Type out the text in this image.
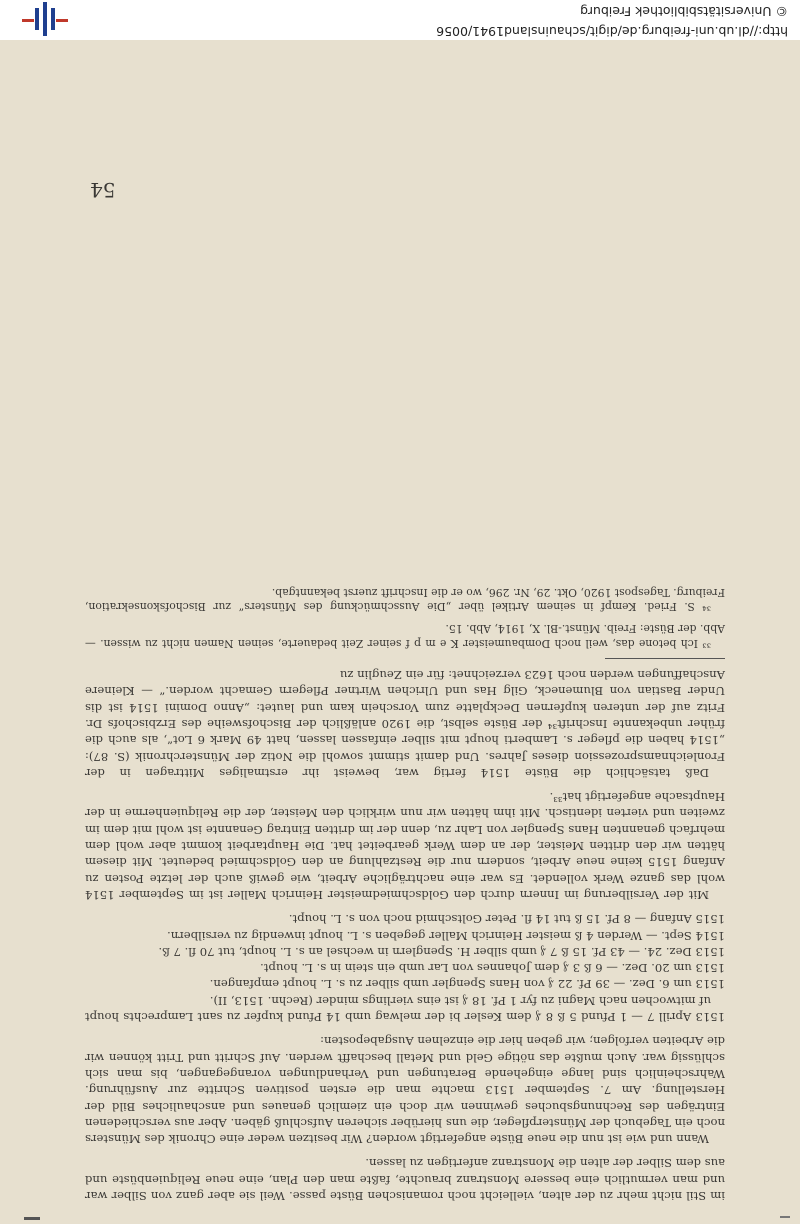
im Stil nicht mehr zu der alten, vielleicht noch romanischen Büste passe. Weil sie aber ganz von Silber war und man vermutlich eine bessere Monstranz brauchte, faßte man den Plan, eine neue Reliquienbüste und aus dem Silber der alten die Monstranz anfertigen zu lassen.

Wann und wie ist nun die neue Büste angefertigt worden? Wir besitzen weder eine Chronik des Münsters noch ein Tagebuch der Münsterpfleger, die uns hierüber sicheren Aufschluß gäben. Aber aus verschiedenen Einträgen des Rechnungsbuches gewinnen wir doch ein ziemlich genaues und anschauliches Bild der Herstellung. Am 7. September 1513 machte man die ersten positiven Schritte zur Ausführung. Wahrscheinlich sind lange eingehende Beratungen und Verhandlungen vorangegangen, bis man sich schlüssig war. Auch mußte das nötige Geld und Metall beschafft werden. Auf Schritt und Tritt können wir die Arbeiten verfolgen; wir geben hier die einzelnen Ausgabeposten:

1513 Aprill 7 — 1 Pfund 5 ß 8 ₰ dem Kesler bi der melwag umb 14 Pfund kupfer zu sant Lamprechts houpt uf mitwochen nach Magni zu fyr 1 Pf. 18 ₰ ist eins vierlings minder (Rechn. 1513, II).

1513 um 6. Dez. — 39 Pf. 22 ₰ von Hans Spengler umb silber zu s. L. houpt empfangen.

1513 um 20. Dez. — 6 ß 3 ₰ dem Johannes von Lar umb ein stein in s. L. houpt.

1513 Dez. 24. — 43 Pf. 15 ß 7 ₰ umb silber H. Spenglern in wechsel an s. L. houpt, tut 70 fl. 7 ß.

1514 Sept. — Werden 4 ß meister Heinrich Maller gegeben s. L. houpt inwendig zu versilbern.

1515 Anfang — 8 Pf. 15 ß tut 14 fl. Peter Goltschmid noch von s. L. houpt.

Mit der Versilberung im Innern durch den Goldschmiedmeister Heinrich Maller ist im September 1514 wohl das ganze Werk vollendet. Es war eine nachträgliche Arbeit, wie gewiß auch der letzte Posten zu Anfang 1515 keine neue Arbeit, sondern nur die Restzahlung an den Goldschmied bedeutet. Mit diesem hätten wir den dritten Meister, der an dem Werk gearbeitet hat. Die Hauptarbeit kommt aber wohl dem mehrfach genannten Hans Spengler von Lahr zu, denn der im dritten Eintrag Genannte ist wohl mit dem im zweiten und vierten identisch. Mit ihm hätten wir nun wirklich den Meister, der die Reliquienherme in der Hauptsache angefertigt hat³³.

Daß tatsächlich die Büste 1514 fertig war, beweist ihr erstmaliges Mittragen in der Fronleichnamsprozession dieses Jahres. Und damit stimmt sowohl die Notiz der Münsterchronik (S. 87): „1514 haben die pfleger s. Lamberti houpt mit silber einfassen lassen, hatt 49 Mark 6 Lot“, als auch die früher unbekannte Inschrift³⁴ der Büste selbst, die 1920 anläßlich der Bischofsweihe des Erzbischofs Dr. Fritz auf der unteren kupfernen Deckplatte zum Vorschein kam und lautet: „Anno Domini 1514 ist dis Under Bastian von Blumeneck, Gilg Has und Ulrichen Wirtner Pflegern Gemacht worden.“ — Kleinere Anschaffungen werden noch 1623 verzeichnet: für ein Zeuglin zu

³³ Ich betone das, weil noch Dombaumeister K e m p f seiner Zeit bedauerte, seinen Namen nicht zu wissen. — Abb. der Büste: Freib. Münst.-Bl. X, 1914, Abb. 15.

³⁴ S. Fried. Kempf in seinem Artikel über „Die Ausschmückung des Münsters“ zur Bischofskonsekration, Freiburg. Tagespost 1920, Okt. 29, Nr. 296, wo er die Inschrift zuerst bekanntgab.

54
http://dl.ub.uni-freiburg.de/digit/schauinsland1941/0056
© Universitätsbibliothek Freiburg
